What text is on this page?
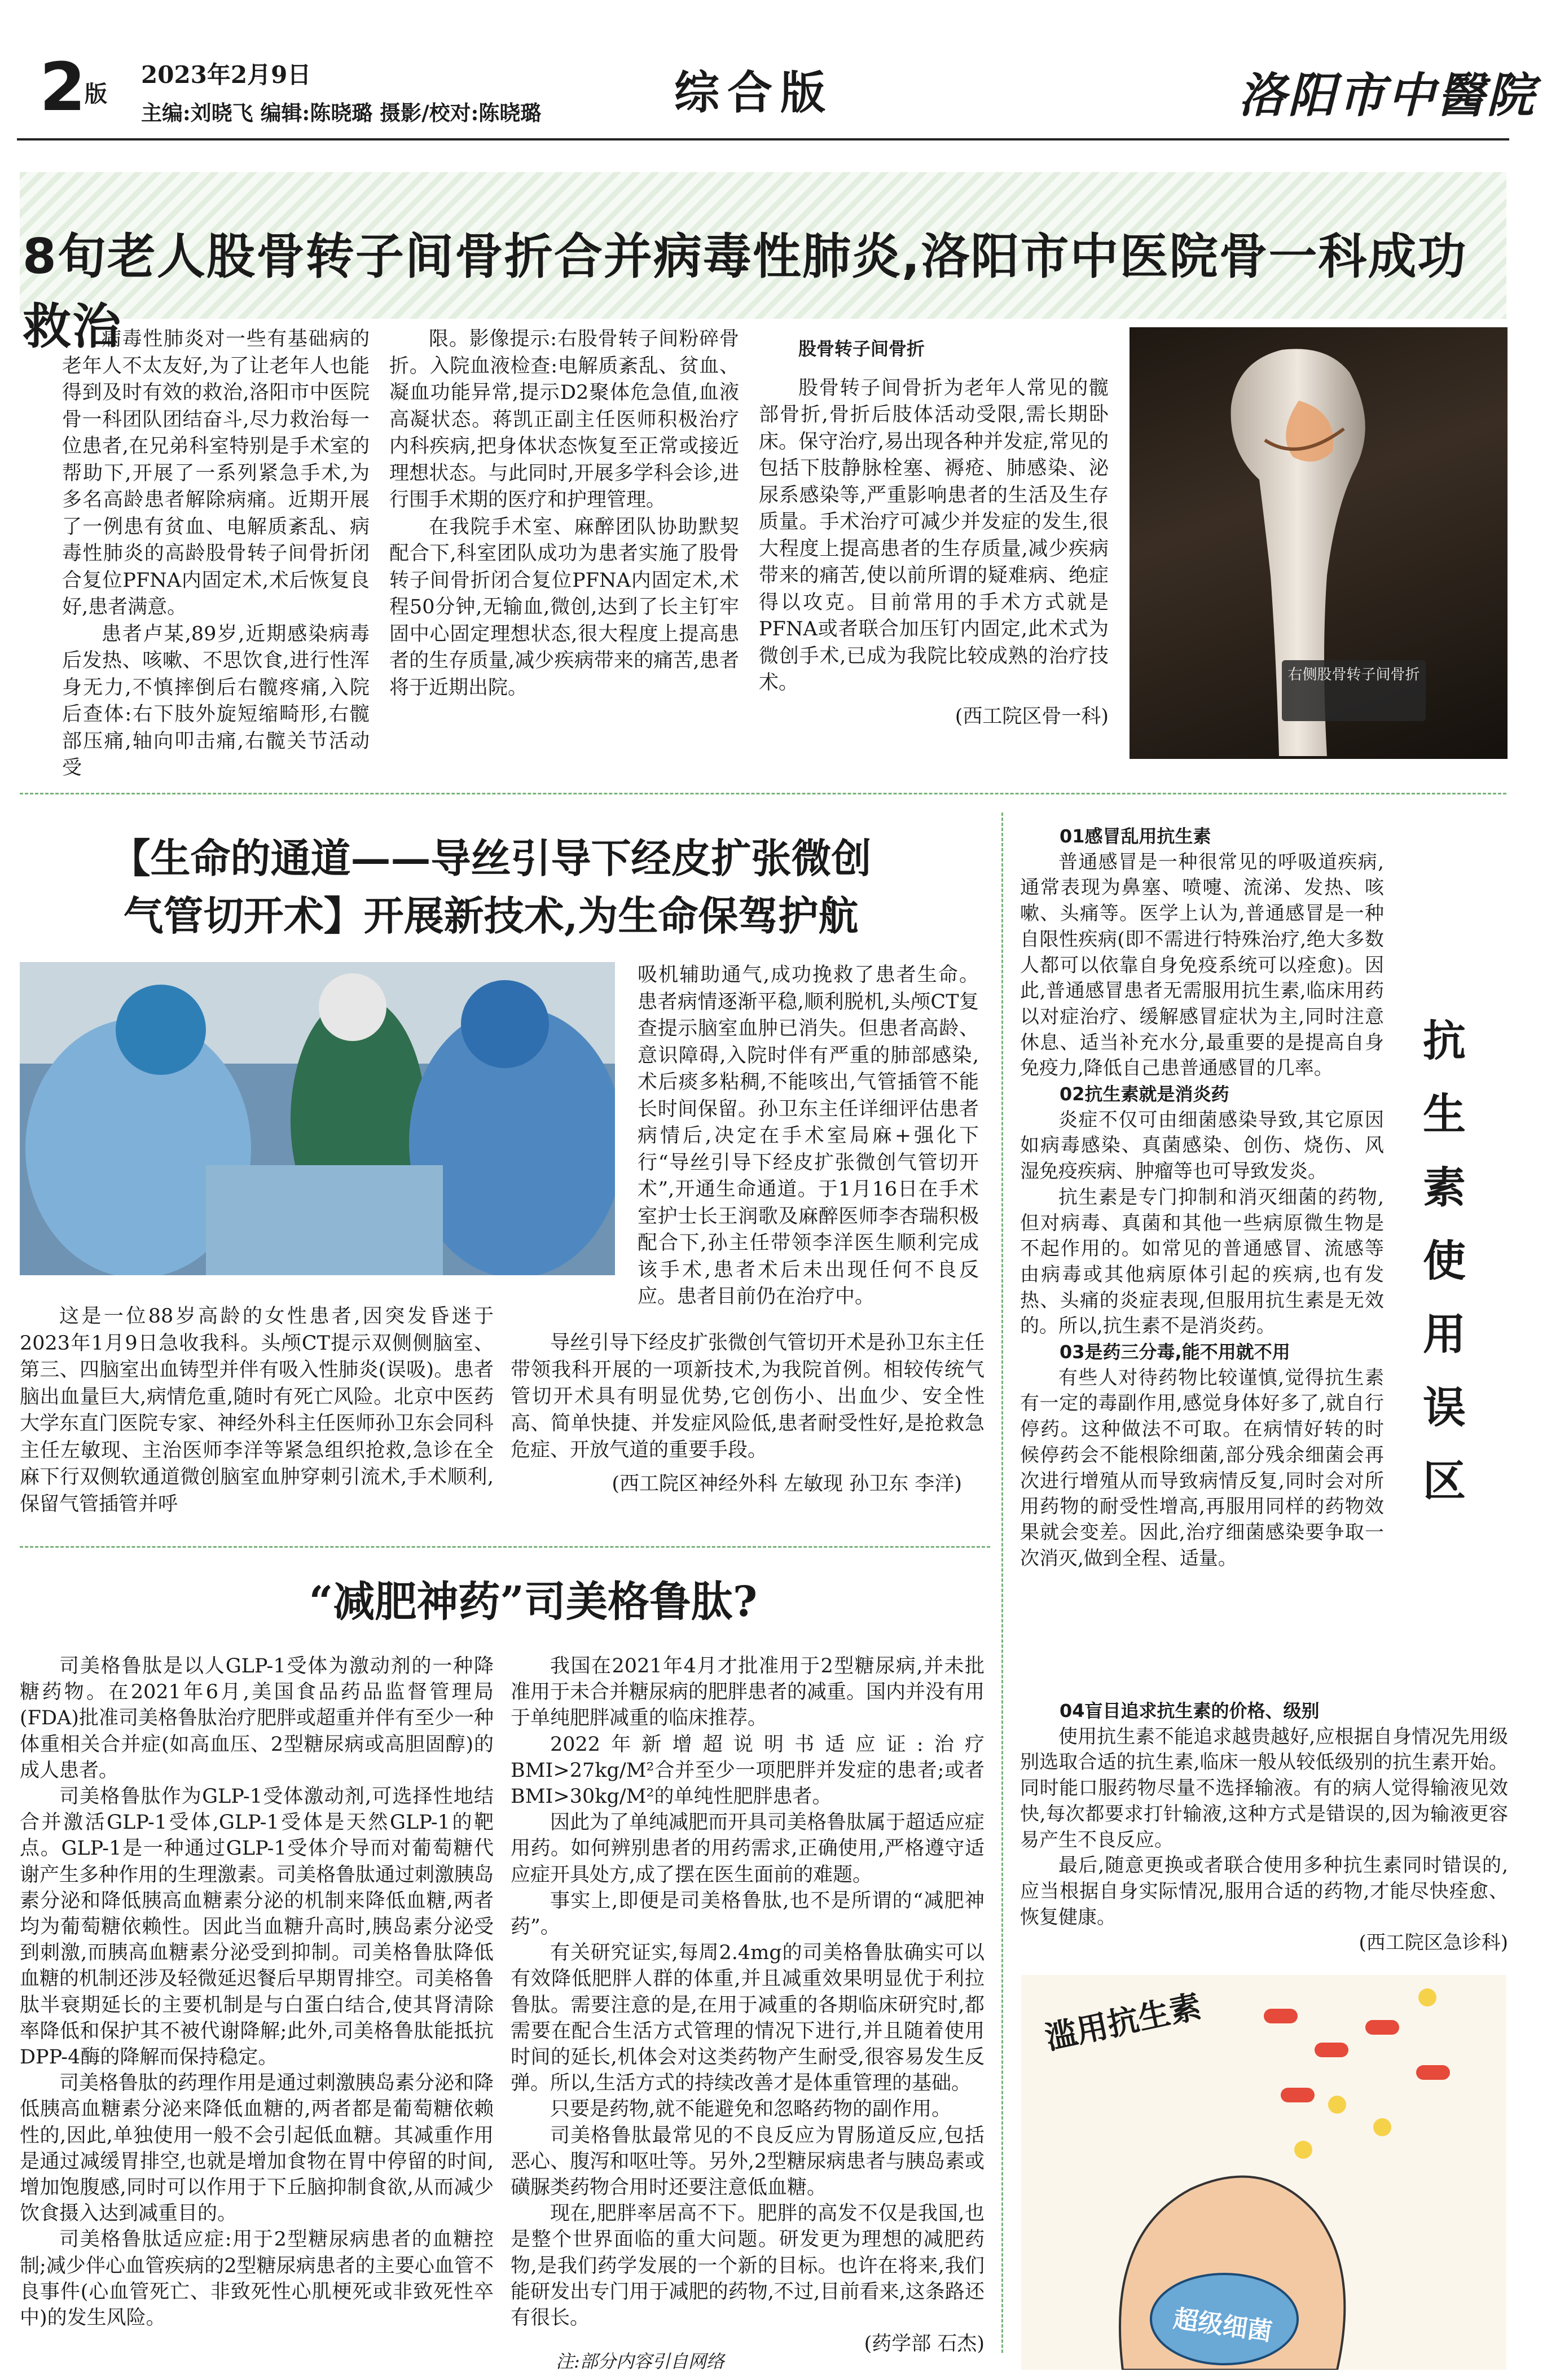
2
版
2023年2月9日
主编:刘晓飞 编辑:陈晓璐 摄影/校对:陈晓璐	综合版	洛阳市中醫院
8旬老人股骨转子间骨折合并病毒性肺炎,洛阳市中医院骨一科成功救治

病毒性肺炎对一些有基础病的老年人不太友好,为了让老年人也能得到及时有效的救治,洛阳市中医院骨一科团队团结奋斗,尽力救治每一位患者,在兄弟科室特别是手术室的帮助下,开展了一系列紧急手术,为多名高龄患者解除病痛。近期开展了一例患有贫血、电解质紊乱、病毒性肺炎的高龄股骨转子间骨折闭合复位PFNA内固定术,术后恢复良好,患者满意。

患者卢某,89岁,近期感染病毒后发热、咳嗽、不思饮食,进行性浑身无力,不慎摔倒后右髋疼痛,入院后查体:右下肢外旋短缩畸形,右髋部压痛,轴向叩击痛,右髋关节活动受

限。影像提示:右股骨转子间粉碎骨折。入院血液检查:电解质紊乱、贫血、凝血功能异常,提示D2聚体危急值,血液高凝状态。蒋凯正副主任医师积极治疗内科疾病,把身体状态恢复至正常或接近理想状态。与此同时,开展多学科会诊,进行围手术期的医疗和护理管理。

在我院手术室、麻醉团队协助默契配合下,科室团队成功为患者实施了股骨转子间骨折闭合复位PFNA内固定术,术程50分钟,无输血,微创,达到了长主钉牢固中心固定理想状态,很大程度上提高患者的生存质量,减少疾病带来的痛苦,患者将于近期出院。

股骨转子间骨折

股骨转子间骨折为老年人常见的髋部骨折,骨折后肢体活动受限,需长期卧床。保守治疗,易出现各种并发症,常见的包括下肢静脉栓塞、褥疮、肺感染、泌尿系感染等,严重影响患者的生活及生存质量。手术治疗可减少并发症的发生,很大程度上提高患者的生存质量,减少疾病带来的痛苦,使以前所谓的疑难病、绝症得以攻克。目前常用的手术方式就是PFNA或者联合加压钉内固定,此术式为微创手术,已成为我院比较成熟的治疗技术。

(西工院区骨一科)
右侧股骨转子间骨折
【生命的通道——导丝引导下经皮扩张微创
气管切开术】开展新技术,为生命保驾护航

吸机辅助通气,成功挽救了患者生命。患者病情逐渐平稳,顺利脱机,头颅CT复查提示脑室血肿已消失。但患者高龄、意识障碍,入院时伴有严重的肺部感染,术后痰多粘稠,不能咳出,气管插管不能长时间保留。孙卫东主任详细评估患者病情后,决定在手术室局麻+强化下行“导丝引导下经皮扩张微创气管切开术”,开通生命通道。于1月16日在手术室护士长王润歌及麻醉医师李杏瑞积极配合下,孙主任带领李洋医生顺利完成该手术,患者术后未出现任何不良反应。患者目前仍在治疗中。

这是一位88岁高龄的女性患者,因突发昏迷于2023年1月9日急收我科。头颅CT提示双侧侧脑室、第三、四脑室出血铸型并伴有吸入性肺炎(误吸)。患者脑出血量巨大,病情危重,随时有死亡风险。北京中医药大学东直门医院专家、神经外科主任医师孙卫东会同科主任左敏现、主治医师李洋等紧急组织抢救,急诊在全麻下行双侧软通道微创脑室血肿穿刺引流术,手术顺利,保留气管插管并呼

导丝引导下经皮扩张微创气管切开术是孙卫东主任带领我科开展的一项新技术,为我院首例。相较传统气管切开术具有明显优势,它创伤小、出血少、安全性高、简单快捷、并发症风险低,患者耐受性好,是抢救急危症、开放气道的重要手段。

(西工院区神经外科 左敏现 孙卫东 李洋)
抗生素使用误区
01感冒乱用抗生素

普通感冒是一种很常见的呼吸道疾病,通常表现为鼻塞、喷嚏、流涕、发热、咳嗽、头痛等。医学上认为,普通感冒是一种自限性疾病(即不需进行特殊治疗,绝大多数人都可以依靠自身免疫系统可以痊愈)。因此,普通感冒患者无需服用抗生素,临床用药以对症治疗、缓解感冒症状为主,同时注意休息、适当补充水分,最重要的是提高自身免疫力,降低自己患普通感冒的几率。

02抗生素就是消炎药

炎症不仅可由细菌感染导致,其它原因如病毒感染、真菌感染、创伤、烧伤、风湿免疫疾病、肿瘤等也可导致发炎。

抗生素是专门抑制和消灭细菌的药物,但对病毒、真菌和其他一些病原微生物是不起作用的。如常见的普通感冒、流感等由病毒或其他病原体引起的疾病,也有发热、头痛的炎症表现,但服用抗生素是无效的。所以,抗生素不是消炎药。

03是药三分毒,能不用就不用

有些人对待药物比较谨慎,觉得抗生素有一定的毒副作用,感觉身体好多了,就自行停药。这种做法不可取。在病情好转的时候停药会不能根除细菌,部分残余细菌会再次进行增殖从而导致病情反复,同时会对所用药物的耐受性增高,再服用同样的药物效果就会变差。因此,治疗细菌感染要争取一次消灭,做到全程、适量。

04盲目追求抗生素的价格、级别

使用抗生素不能追求越贵越好,应根据自身情况先用级别选取合适的抗生素,临床一般从较低级别的抗生素开始。同时能口服药物尽量不选择输液。有的病人觉得输液见效快,每次都要求打针输液,这种方式是错误的,因为输液更容易产生不良反应。

最后,随意更换或者联合使用多种抗生素同时错误的,应当根据自身实际情况,服用合适的药物,才能尽快痊愈、恢复健康。

(西工院区急诊科)
滥用抗生素
超级细菌
“减肥神药”司美格鲁肽?

司美格鲁肽是以人GLP-1受体为激动剂的一种降糖药物。在2021年6月,美国食品药品监督管理局(FDA)批准司美格鲁肽治疗肥胖或超重并伴有至少一种体重相关合并症(如高血压、2型糖尿病或高胆固醇)的成人患者。

司美格鲁肽作为GLP-1受体激动剂,可选择性地结合并激活GLP-1受体,GLP-1受体是天然GLP-1的靶点。GLP-1是一种通过GLP-1受体介导而对葡萄糖代谢产生多种作用的生理激素。司美格鲁肽通过刺激胰岛素分泌和降低胰高血糖素分泌的机制来降低血糖,两者均为葡萄糖依赖性。因此当血糖升高时,胰岛素分泌受到刺激,而胰高血糖素分泌受到抑制。司美格鲁肽降低血糖的机制还涉及轻微延迟餐后早期胃排空。司美格鲁肽半衰期延长的主要机制是与白蛋白结合,使其肾清除率降低和保护其不被代谢降解;此外,司美格鲁肽能抵抗DPP-4酶的降解而保持稳定。

司美格鲁肽的药理作用是通过刺激胰岛素分泌和降低胰高血糖素分泌来降低血糖的,两者都是葡萄糖依赖性的,因此,单独使用一般不会引起低血糖。其减重作用是通过减缓胃排空,也就是增加食物在胃中停留的时间,增加饱腹感,同时可以作用于下丘脑抑制食欲,从而减少饮食摄入达到减重目的。

司美格鲁肽适应症:用于2型糖尿病患者的血糖控制;减少伴心血管疾病的2型糖尿病患者的主要心血管不良事件(心血管死亡、非致死性心肌梗死或非致死性卒中)的发生风险。

我国在2021年4月才批准用于2型糖尿病,并未批准用于未合并糖尿病的肥胖患者的减重。国内并没有用于单纯肥胖减重的临床推荐。

2022年新增超说明书适应证:治疗BMI>27kg/M²合并至少一项肥胖并发症的患者;或者BMI>30kg/M²的单纯性肥胖患者。

因此为了单纯减肥而开具司美格鲁肽属于超适应症用药。如何辨别患者的用药需求,正确使用,严格遵守适应症开具处方,成了摆在医生面前的难题。

事实上,即便是司美格鲁肽,也不是所谓的“减肥神药”。

有关研究证实,每周2.4mg的司美格鲁肽确实可以有效降低肥胖人群的体重,并且减重效果明显优于利拉鲁肽。需要注意的是,在用于减重的各期临床研究时,都需要在配合生活方式管理的情况下进行,并且随着使用时间的延长,机体会对这类药物产生耐受,很容易发生反弹。所以,生活方式的持续改善才是体重管理的基础。

只要是药物,就不能避免和忽略药物的副作用。

司美格鲁肽最常见的不良反应为胃肠道反应,包括恶心、腹泻和呕吐等。另外,2型糖尿病患者与胰岛素或磺脲类药物合用时还要注意低血糖。

现在,肥胖率居高不下。肥胖的高发不仅是我国,也是整个世界面临的重大问题。研发更为理想的减肥药物,是我们药学发展的一个新的目标。也许在将来,我们能研发出专门用于减肥的药物,不过,目前看来,这条路还有很长。

(药学部 石杰)
注:部分内容引自网络
